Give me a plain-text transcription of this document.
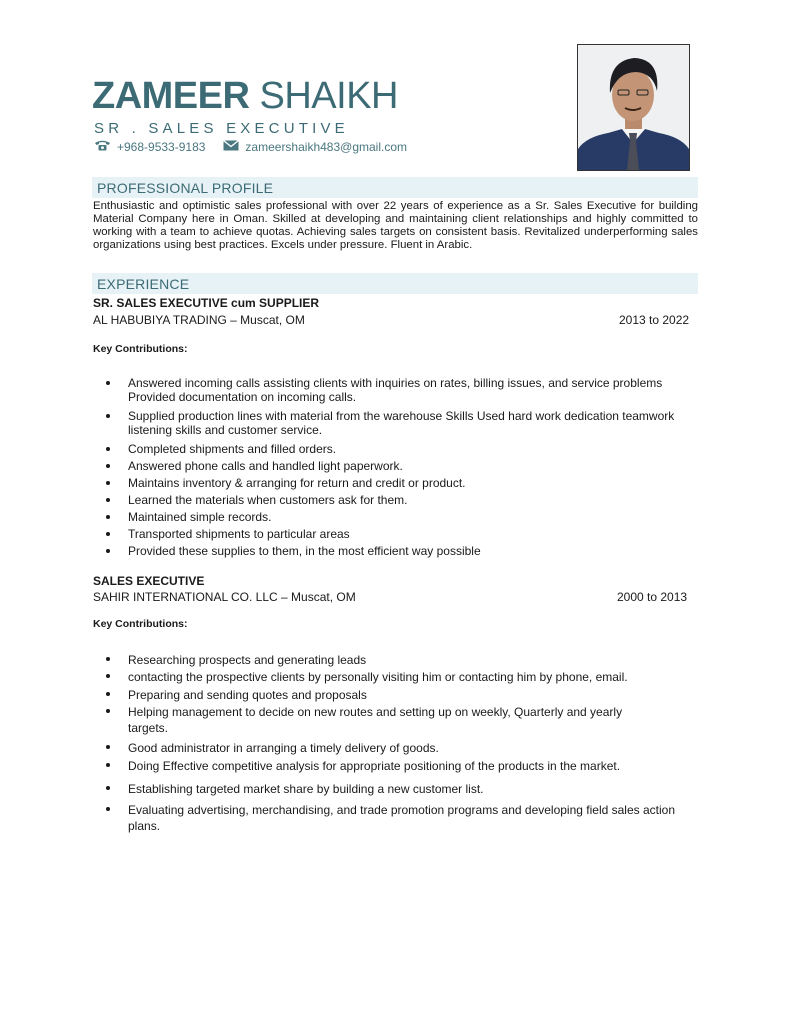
ZAMEER SHAIKH
SR . SALES EXECUTIVE
+968-9533-9183	zameershaikh483@gmail.com
PROFESSIONAL PROFILE

Enthusiastic and optimistic sales professional with over 22 years of experience as a Sr. Sales Executive for building Material Company here in Oman. Skilled at developing and maintaining client relationships and highly committed to working with a team to achieve quotas. Achieving sales targets on consistent basis. Revitalized underperforming sales organizations using best practices. Excels under pressure. Fluent in Arabic.

EXPERIENCE
SR. SALES EXECUTIVE cum SUPPLIER
AL HABUBIYA TRADING – Muscat, OM	2013 to 2022
Key Contributions:
Answered incoming calls assisting clients with inquiries on rates, billing issues, and service problems Provided documentation on incoming calls.
Supplied production lines with material from the warehouse Skills Used hard work dedication teamwork listening skills and customer service.
Completed shipments and filled orders.
Answered phone calls and handled light paperwork.
Maintains inventory & arranging for return and credit or product.
Learned the materials when customers ask for them.
Maintained simple records.
Transported shipments to particular areas
Provided these supplies to them, in the most efficient way possible
SALES EXECUTIVE
SAHIR INTERNATIONAL CO. LLC – Muscat, OM	2000 to 2013
Key Contributions:
Researching prospects and generating leads
contacting the prospective clients by personally visiting him or contacting him by phone, email.
Preparing and sending quotes and proposals
Helping management to decide on new routes and setting up on weekly, Quarterly and yearly targets.
Good administrator in arranging a timely delivery of goods.
Doing Effective competitive analysis for appropriate positioning of the products in the market.
Establishing targeted market share by building a new customer list.
Evaluating advertising, merchandising, and trade promotion programs and developing field sales action plans.
